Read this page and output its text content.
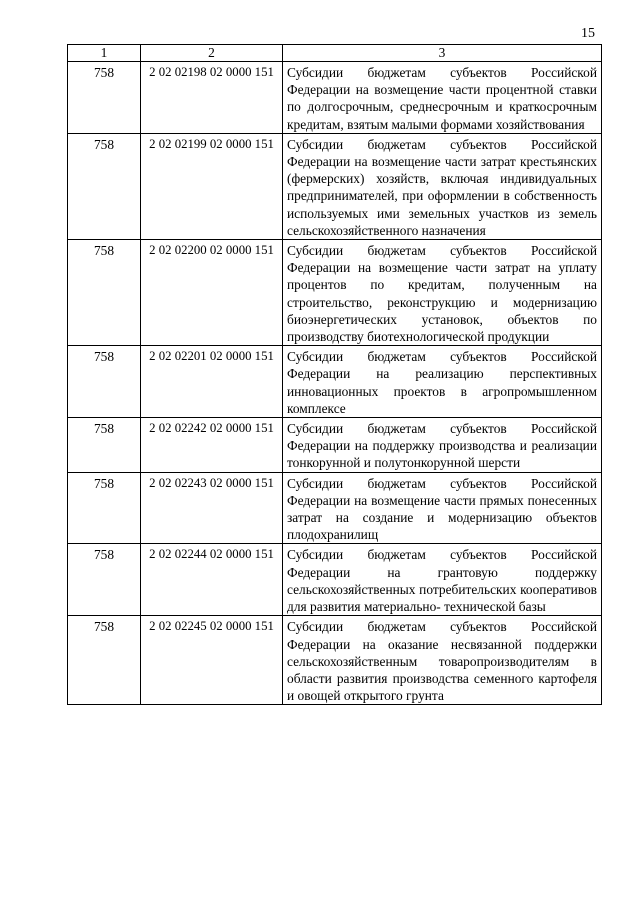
15
1	2	3
758	2 02 02198 02 0000 151	Субсидии бюджетам субъектов Российской Федерации на возмещение части процентной ставки по долгосрочным, среднесрочным и краткосрочным кредитам, взятым малыми формами хозяйствования
758	2 02 02199 02 0000 151	Субсидии бюджетам субъектов Российской Федерации на возмещение части затрат крестьянских (фермерских) хозяйств, включая индивидуальных предпринимателей, при оформлении в собственность используемых ими земельных участков из земель сельскохозяйственного назначения
758	2 02 02200 02 0000 151	Субсидии бюджетам субъектов Российской Федерации на возмещение части затрат на уплату процентов по кредитам, полученным на строительство, реконструкцию и модернизацию биоэнергетических установок, объектов по производству биотехнологической продукции
758	2 02 02201 02 0000 151	Субсидии бюджетам субъектов Российской Федерации на реализацию перспективных инновационных проектов в агропромышленном комплексе
758	2 02 02242 02 0000 151	Субсидии бюджетам субъектов Российской Федерации на поддержку производства и реализации тонкорунной и полутонкорунной шерсти
758	2 02 02243 02 0000 151	Субсидии бюджетам субъектов Российской Федерации на возмещение части прямых понесенных затрат на создание и модернизацию объектов плодохранилищ
758	2 02 02244 02 0000 151	Субсидии бюджетам субъектов Российской Федерации на грантовую поддержку сельскохозяйственных потребительских кооперативов для развития материально- технической базы
758	2 02 02245 02 0000 151	Субсидии бюджетам субъектов Российской Федерации на оказание несвязанной поддержки сельскохозяйственным товаропроизводителям в области развития производства семенного картофеля и овощей открытого грунта
